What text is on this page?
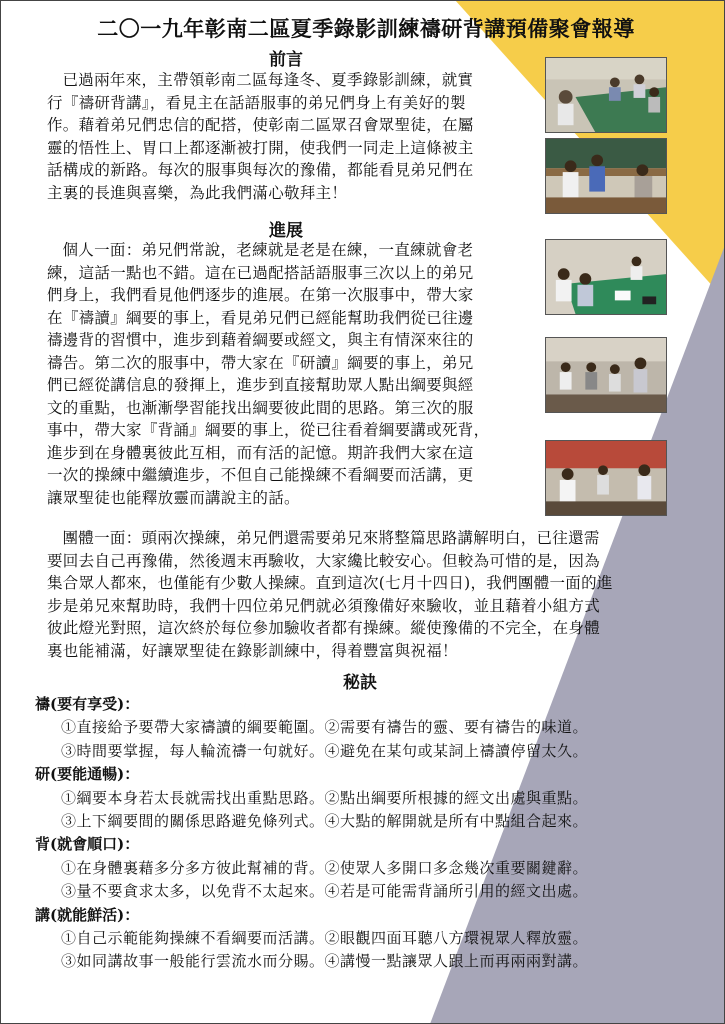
二〇一九年彰南二區夏季錄影訓練禱研背講預備聚會報導
前言
已過兩年來，主帶領彰南二區每逢冬、夏季錄影訓練，就實
行『禱研背講』，看見主在話語服事的弟兄們身上有美好的製
作。藉着弟兄們忠信的配搭，使彰南二區眾召會眾聖徒，在屬
靈的悟性上、胃口上都逐漸被打開，使我們一同走上這條被主
話構成的新路。每次的服事與每次的豫備，都能看見弟兄們在
主裏的長進與喜樂，為此我們滿心敬拜主！
進展
個人一面：弟兄們常說，老練就是老是在練，一直練就會老
練，這話一點也不錯。這在已過配搭話語服事三次以上的弟兄
們身上，我們看見他們逐步的進展。在第一次服事中，帶大家
在『禱讀』綱要的事上，看見弟兄們已經能幫助我們從已往邊
禱邊背的習慣中，進步到藉着綱要或經文，與主有情深來往的
禱告。第二次的服事中，帶大家在『研讀』綱要的事上，弟兄
們已經從講信息的發揮上，進步到直接幫助眾人點出綱要與經
文的重點，也漸漸學習能找出綱要彼此間的思路。第三次的服
事中，帶大家『背誦』綱要的事上，從已往看着綱要講或死背，
進步到在身體裏彼此互相，而有活的記憶。期許我們大家在這
一次的操練中繼續進步，不但自己能操練不看綱要而活講，更
讓眾聖徒也能釋放靈而講說主的話。
團體一面：頭兩次操練，弟兄們還需要弟兄來將整篇思路講解明白，已往還需
要回去自己再豫備，然後週末再驗收，大家纔比較安心。但較為可惜的是，因為
集合眾人都來，也僅能有少數人操練。直到這次(七月十四日)，我們團體一面的進
步是弟兄來幫助時，我們十四位弟兄們就必須豫備好來驗收，並且藉着小組方式
彼此燈光對照，這次終於每位參加驗收者都有操練。縱使豫備的不完全，在身體
裏也能補滿，好讓眾聖徒在錄影訓練中，得着豐富與祝福！
秘訣
禱(要有享受)：
①直接給予要帶大家禱讀的綱要範圍。②需要有禱告的靈、要有禱告的味道。
③時間要掌握，每人輪流禱一句就好。④避免在某句或某詞上禱讀停留太久。
研(要能通暢)：
①綱要本身若太長就需找出重點思路。②點出綱要所根據的經文出處與重點。
③上下綱要間的關係思路避免條列式。④大點的解開就是所有中點組合起來。
背(就會順口)：
①在身體裏藉多分多方彼此幫補的背。②使眾人多開口多念幾次重要關鍵辭。
③量不要貪求太多，以免背不太起來。④若是可能需背誦所引用的經文出處。
講(就能鮮活)：
①自己示範能夠操練不看綱要而活講。②眼觀四面耳聽八方環視眾人釋放靈。
③如同講故事一般能行雲流水而分賜。④講慢一點讓眾人跟上而再兩兩對講。
